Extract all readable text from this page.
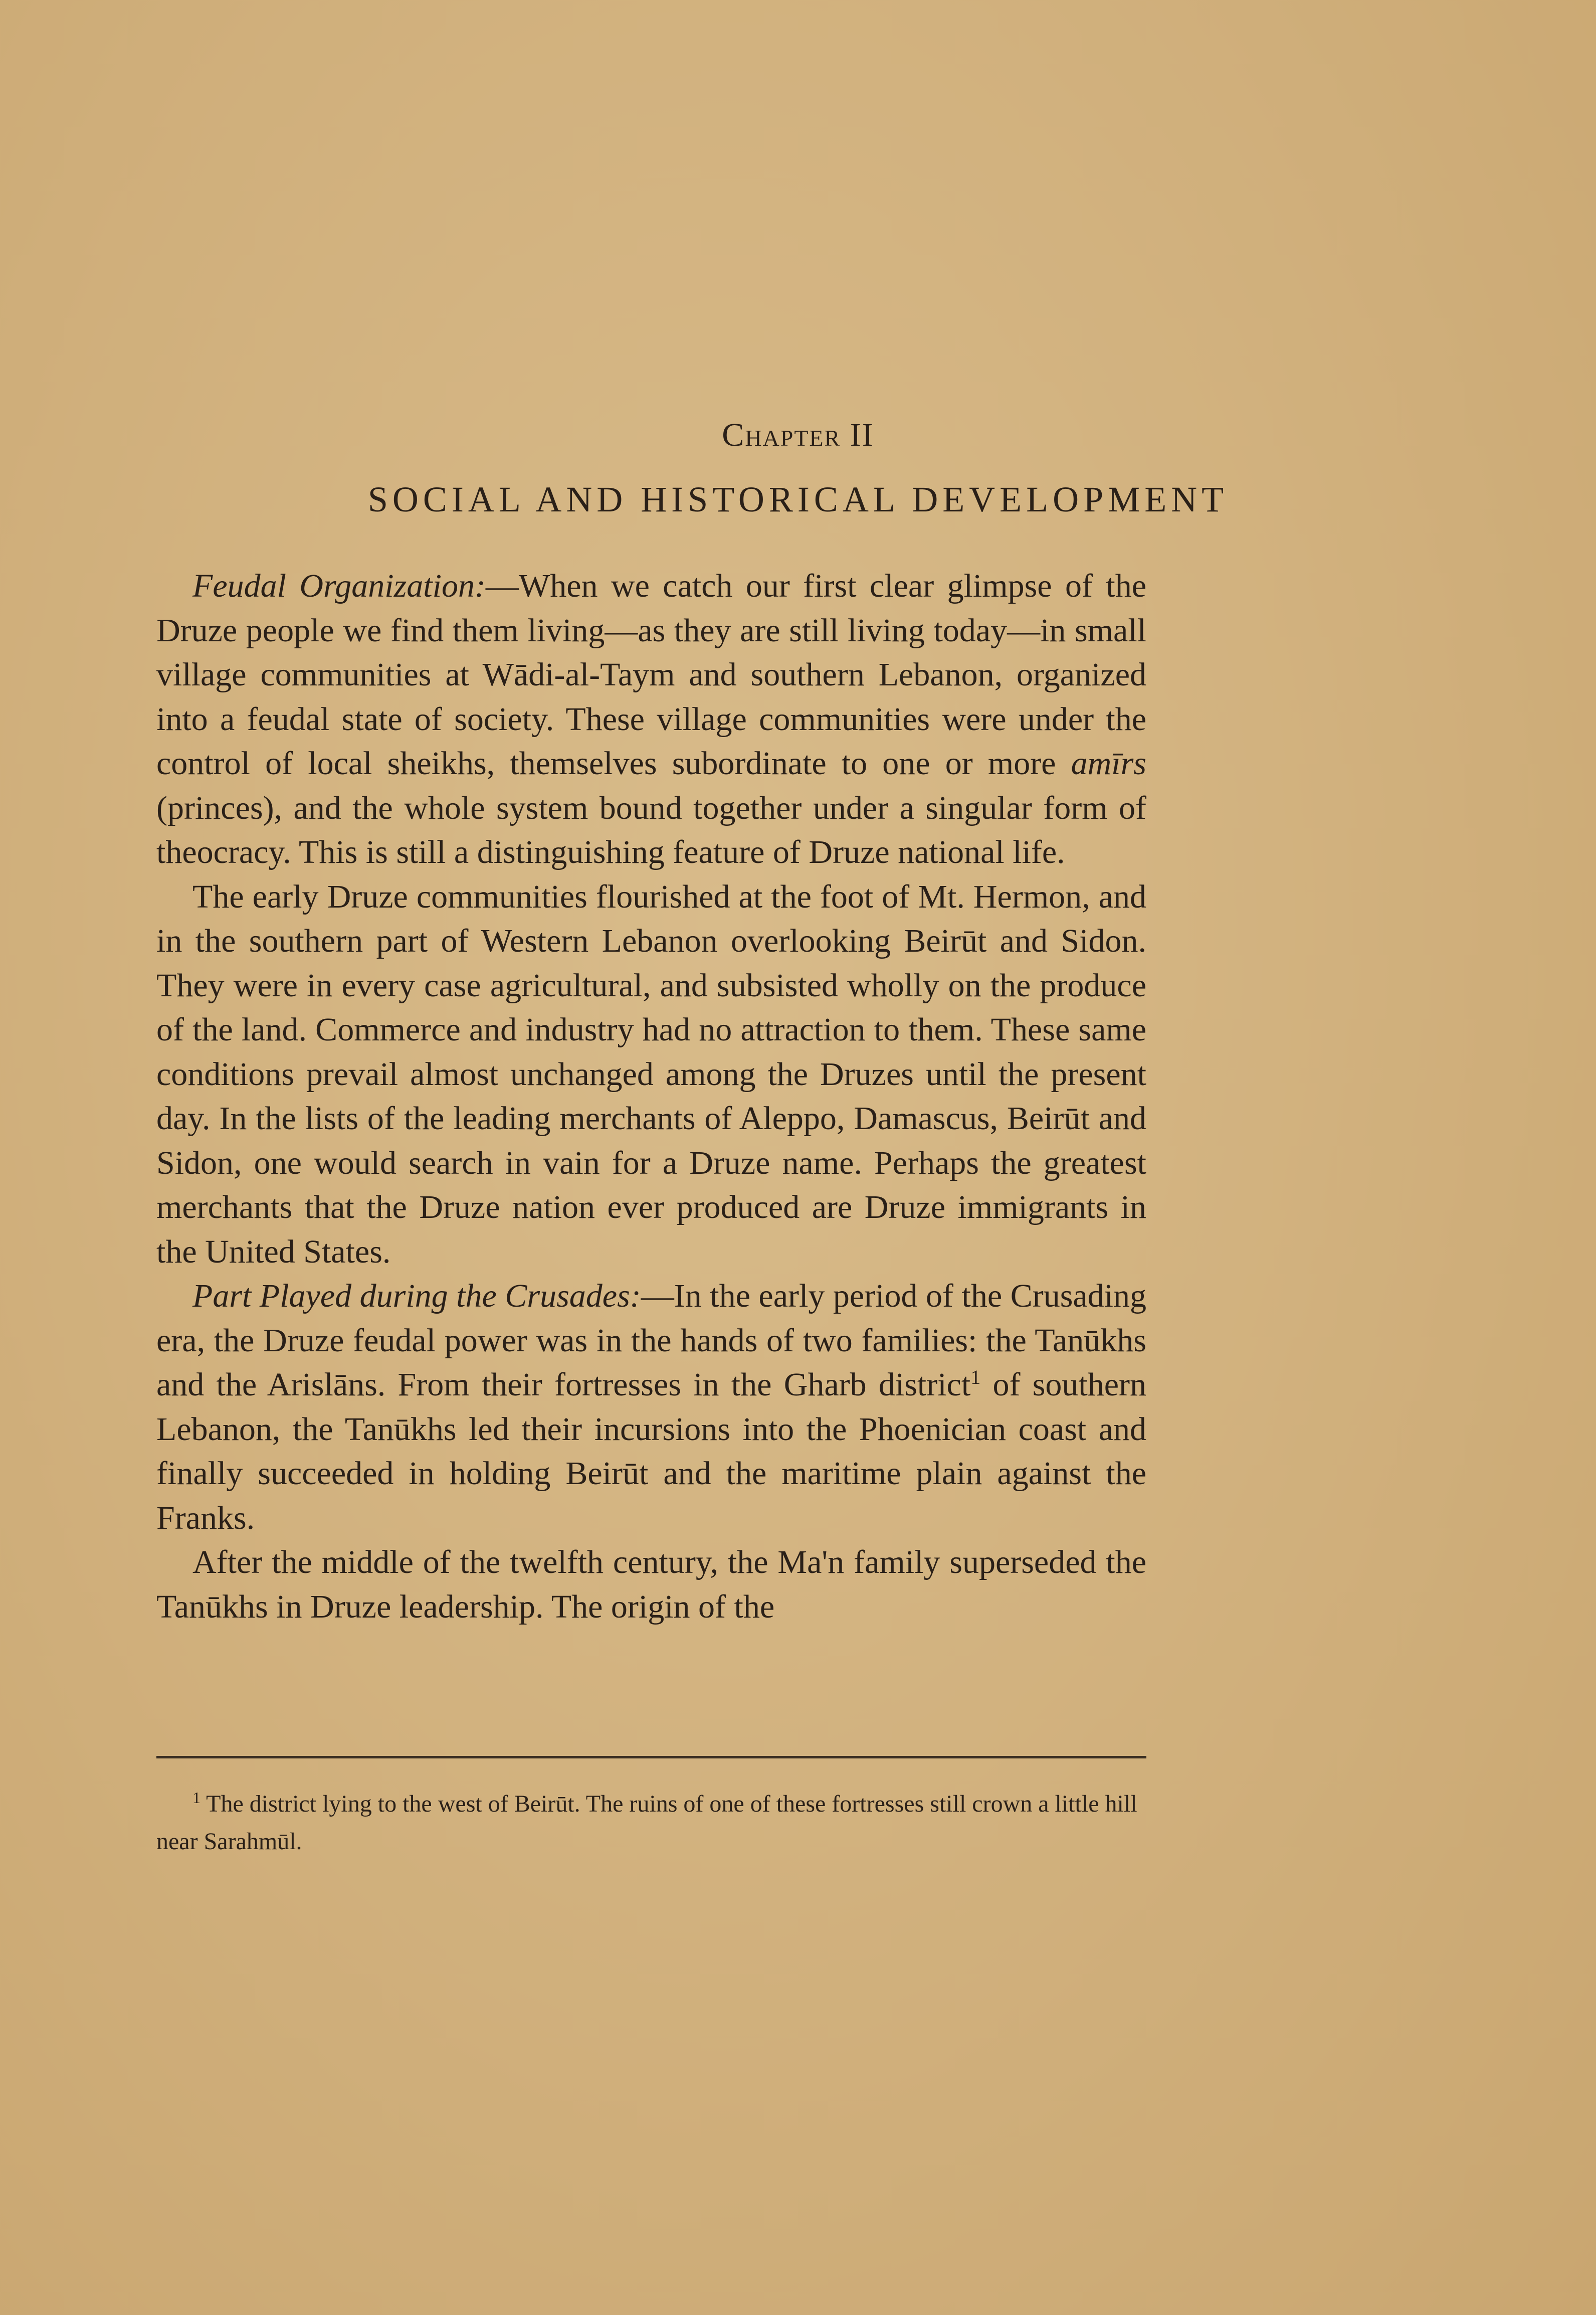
Chapter II

SOCIAL AND HISTORICAL DEVELOPMENT

Feudal Organization:—When we catch our first clear glimpse of the Druze people we find them living—as they are still living today—in small village communities at Wādi-al-Taym and southern Lebanon, organized into a feudal state of society. These village communities were under the control of local sheikhs, themselves subordinate to one or more amīrs (princes), and the whole system bound together under a singular form of theocracy. This is still a distinguishing feature of Druze national life.

The early Druze communities flourished at the foot of Mt. Hermon, and in the southern part of Western Lebanon overlooking Beirūt and Sidon. They were in every case agricultural, and subsisted wholly on the produce of the land. Commerce and industry had no attraction to them. These same conditions prevail almost unchanged among the Druzes until the present day. In the lists of the leading merchants of Aleppo, Damascus, Beirūt and Sidon, one would search in vain for a Druze name. Perhaps the greatest merchants that the Druze nation ever produced are Druze immigrants in the United States.

Part Played during the Crusades:—In the early period of the Crusading era, the Druze feudal power was in the hands of two families: the Tanūkhs and the Arislāns. From their fortresses in the Gharb district$^1$ of southern Lebanon, the Tanūkhs led their incursions into the Phoenician coast and finally succeeded in holding Beirūt and the maritime plain against the Franks.

After the middle of the twelfth century, the Ma'n family superseded the Tanūkhs in Druze leadership. The origin of the

$^1$ The district lying to the west of Beirūt. The ruins of one of these fortresses still crown a little hill near Sarahmūl.
